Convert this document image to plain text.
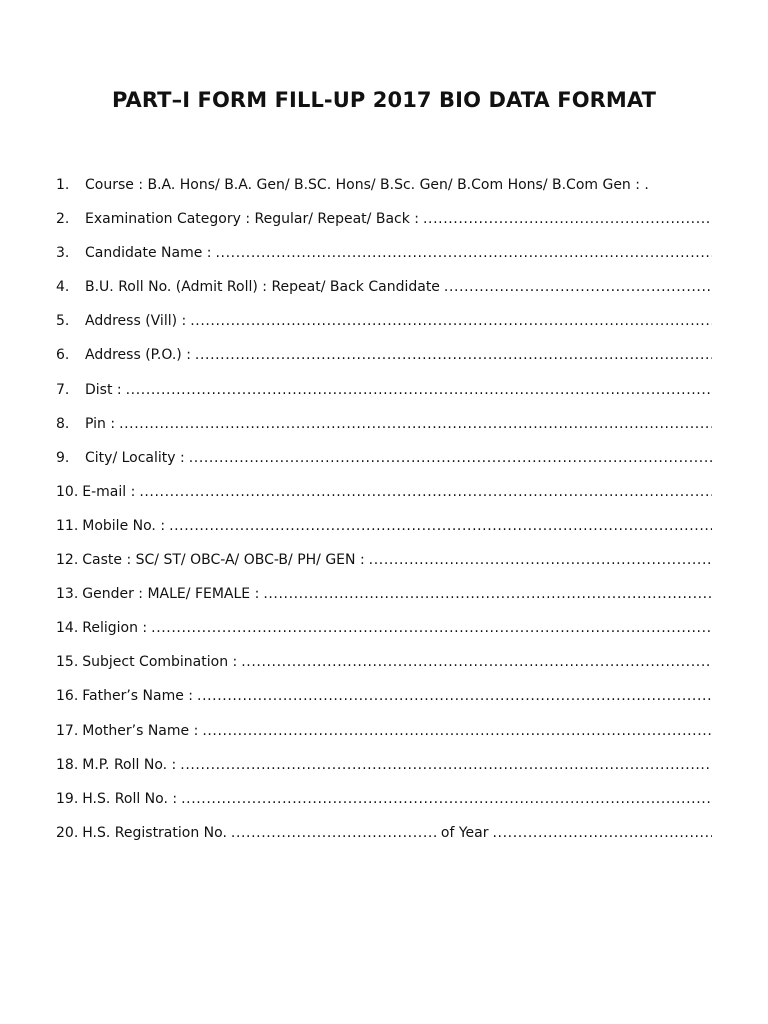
PART–I FORM FILL-UP 2017 BIO DATA FORMAT
1.	Course : B.A. Hons/ B.A. Gen/ B.SC. Hons/ B.Sc. Gen/ B.Com Hons/ B.Com Gen : .
2.	Examination Category : Regular/ Repeat/ Back :
.....
3.	Candidate Name :
.....
4.	B.U. Roll No. (Admit Roll) : Repeat/ Back Candidate
.....
5.	Address (Vill) :
.....
6.	Address (P.O.) :
.....
7.	Dist :
.....
8.	Pin :
.....
9.	City/ Locality :
.....
10. E-mail :
.....
11. Mobile No. :
.....
12. Caste : SC/ ST/ OBC-A/ OBC-B/ PH/ GEN :
.....
13. Gender : MALE/ FEMALE :
.....
14. Religion :
.....
15. Subject Combination :
.....
16. Father’s Name :
.....
17. Mother’s Name :
.....
18. M.P. Roll No. :
.....
19. H.S. Roll No. :
.....
20. H.S. Registration No.
.....	of Year
.....
